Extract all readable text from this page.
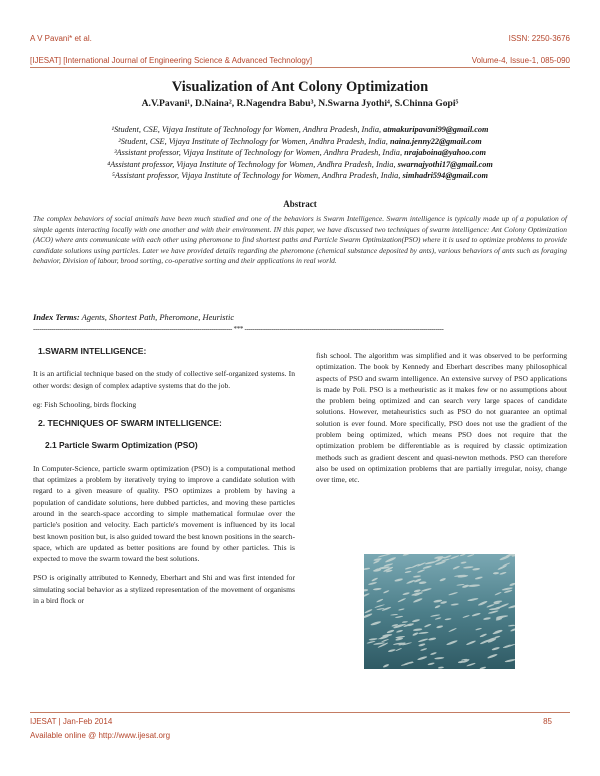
A V Pavani* et al.	ISSN: 2250-3676
[IJESAT] [International Journal of Engineering Science & Advanced Technology]	Volume-4, Issue-1, 085-090
Visualization of Ant Colony Optimization
A.V.Pavani¹, D.Naina², R.Nagendra Babu³, N.Swarna Jyothi⁴, S.Chinna Gopi⁵
¹Student, CSE, Vijaya Institute of Technology for Women, Andhra Pradesh, India, atmakuripavani99@gmail.com
²Student, CSE, Vijaya Institute of Technology for Women, Andhra Pradesh, India, naina.jenny22@gmail.com
³Assistant professor, Vijaya Institute of Technology for Women, Andhra Pradesh, India, nrajaboina@yahoo.com
⁴Assistant professor, Vijaya Institute of Technology for Women, Andhra Pradesh, India, swarnajyothi17@gmail.com
⁵Assistant professor, Vijaya Institute of Technology for Women, Andhra Pradesh, India, simhadri594@gmail.com
Abstract
The complex behaviors of social animals have been much studied and one of the behaviors is Swarm Intelligence. Swarm intelligence is typically made up of a population of simple agents interacting locally with one another and with their environment. IN this paper, we have discussed two techniques of swarm intelligence: Ant Colony Optimization (ACO) where ants communicate with each other using pheromone to find shortest paths and Particle Swarm Optimization(PSO) where it is used to optimize problems to provide candidate solutions using particles. Later we have provided details regarding the pheromone (chemical substance deposited by ants), various behaviors of ants such as foraging behavior, Division of labour, brood sorting, co-operative sorting and their applications in real world.
Index Terms: Agents, Shortest Path, Pheromone, Heuristic
-------------------------------------------------------------------------------------------------- *** --------------------------------------------------------------------------------------------------

1.SWARM INTELLIGENCE:

It is an artificial technique based on the study of collective self-organized systems. In other words: design of complex adaptive systems that do the job.

eg: Fish Schooling, birds flocking

2. TECHNIQUES OF SWARM INTELLIGENCE:

2.1 Particle Swarm Optimization (PSO)

In Computer-Science, particle swarm optimization (PSO) is a computational method that optimizes a problem by iteratively trying to improve a candidate solution with regard to a given measure of quality. PSO optimizes a problem by having a population of candidate solutions, here dubbed particles, and moving these particles around in the search-space according to simple mathematical formulae over the particle's position and velocity. Each particle's movement is influenced by its local best known position but, is also guided toward the best known positions in the search-space, which are updated as better positions are found by other particles. This is expected to move the swarm toward the best solutions.

PSO is originally attributed to Kennedy, Eberhart and Shi and was first intended for simulating social behavior as a stylized representation of the movement of organisms in a bird flock or

fish school. The algorithm was simplified and it was observed to be performing optimization. The book by Kennedy and Eberhart describes many philosophical aspects of PSO and swarm intelligence. An extensive survey of PSO applications is made by Poli. PSO is a metheuristic as it makes few or no assumptions about the problem being optimized and can search very large spaces of candidate solutions. However, metaheuristics such as PSO do not guarantee an optimal solution is ever found. More specifically, PSO does not use the gradient of the problem being optimized, which means PSO does not require that the optimization problem be differentiable as is required by classic optimization methods such as gradient descent and quasi-newton methods. PSO can therefore also be used on optimization problems that are partially irregular, noisy, change over time, etc.

IJESAT | Jan-Feb 2014
Available online @ http://www.ijesat.org
85
